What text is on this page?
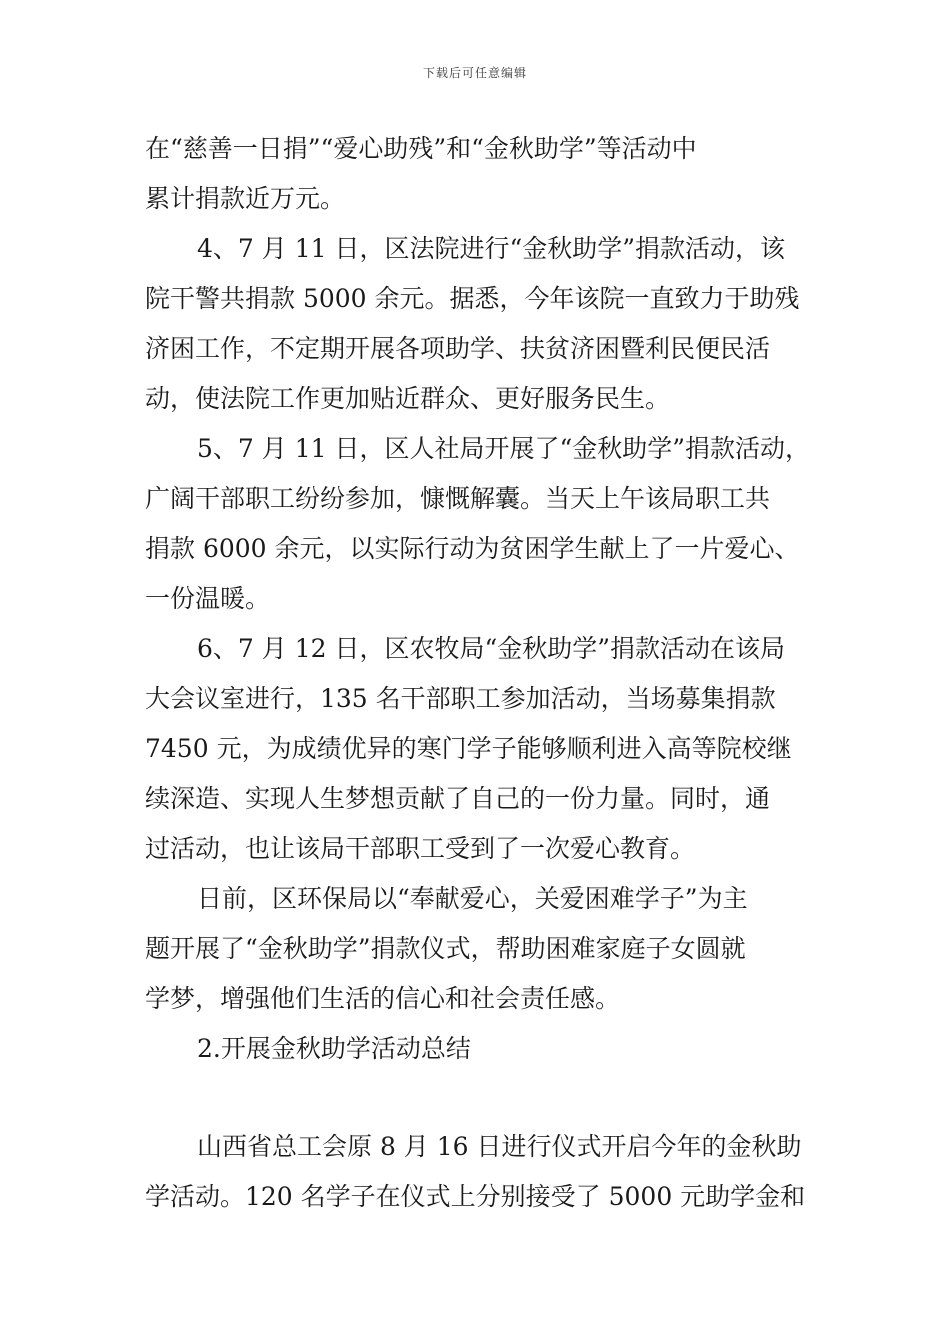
下载后可任意编辑
在“慈善一日捐”“爱心助残”和“金秋助学”等活动中
累计捐款近万元。
4、7 月 11 日，区法院进行“金秋助学”捐款活动，该
院干警共捐款 5000 余元。据悉，今年该院一直致力于助残
济困工作，不定期开展各项助学、扶贫济困暨利民便民活
动，使法院工作更加贴近群众、更好服务民生。
5、7 月 11 日，区人社局开展了“金秋助学”捐款活动，
广阔干部职工纷纷参加，慷慨解囊。当天上午该局职工共
捐款 6000 余元，以实际行动为贫困学生献上了一片爱心、
一份温暖。
6、7 月 12 日，区农牧局“金秋助学”捐款活动在该局
大会议室进行，135 名干部职工参加活动，当场募集捐款
7450 元，为成绩优异的寒门学子能够顺利进入高等院校继
续深造、实现人生梦想贡献了自己的一份力量。同时，通
过活动，也让该局干部职工受到了一次爱心教育。
日前，区环保局以“奉献爱心，关爱困难学子”为主
题开展了“金秋助学”捐款仪式，帮助困难家庭子女圆就
学梦，增强他们生活的信心和社会责任感。
2.开展金秋助学活动总结
山西省总工会原 8 月 16 日进行仪式开启今年的金秋助
学活动。120 名学子在仪式上分别接受了 5000 元助学金和
